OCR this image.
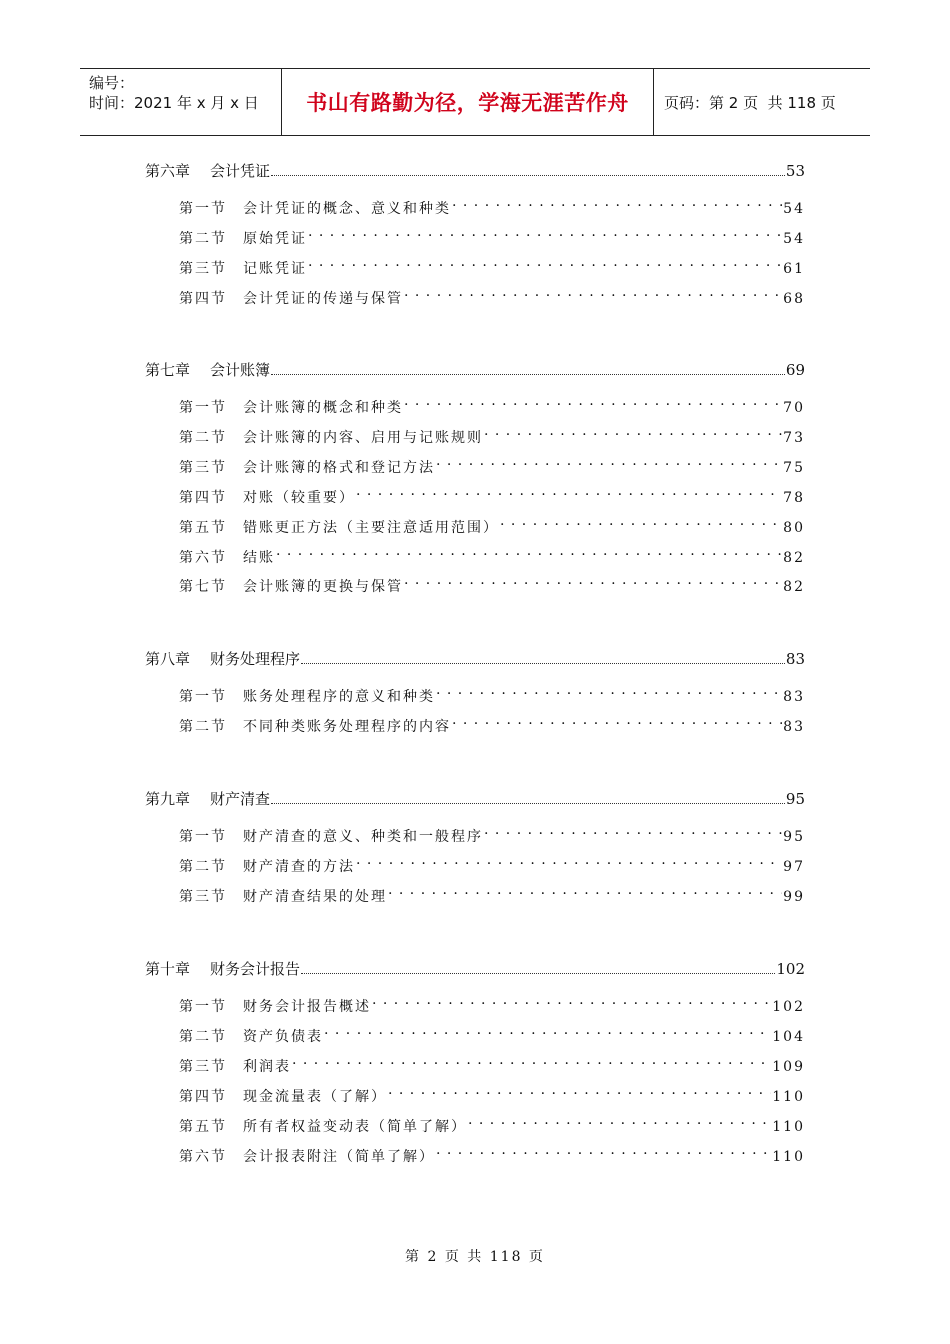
编号：
时间：2021 年 x 月 x 日	书山有路勤为径，学海无涯苦作舟	页码：第 2 页  共 118 页
第六章 会计凭证	53
第一节 会计凭证的概念、意义和种类 . . .	54
第二节 原始凭证 . . .	54
第三节 记账凭证 . . .	61
第四节 会计凭证的传递与保管 . . .	68
第七章 会计账簿	69
第一节 会计账簿的概念和种类 . . .	70
第二节 会计账簿的内容、启用与记账规则 . . .	73
第三节 会计账簿的格式和登记方法 . . .	75
第四节 对账（较重要） . . .	78
第五节 错账更正方法（主要注意适用范围） . . .	80
第六节 结账 . . .	82
第七节 会计账簿的更换与保管 . . .	82
第八章 财务处理程序	83
第一节 账务处理程序的意义和种类 . . .	83
第二节 不同种类账务处理程序的内容 . . .	83
第九章 财产清查	95
第一节 财产清查的意义、种类和一般程序 . . .	95
第二节 财产清查的方法 . . .	97
第三节 财产清查结果的处理 . . .	99
第十章 财务会计报告	102
第一节 财务会计报告概述 . . .	102
第二节 资产负债表 . . .	104
第三节 利润表 . . .	109
第四节 现金流量表（了解） . . .	110
第五节 所有者权益变动表（简单了解） . . .	110
第六节 会计报表附注（简单了解） . . .	110
第 2 页 共 118 页
